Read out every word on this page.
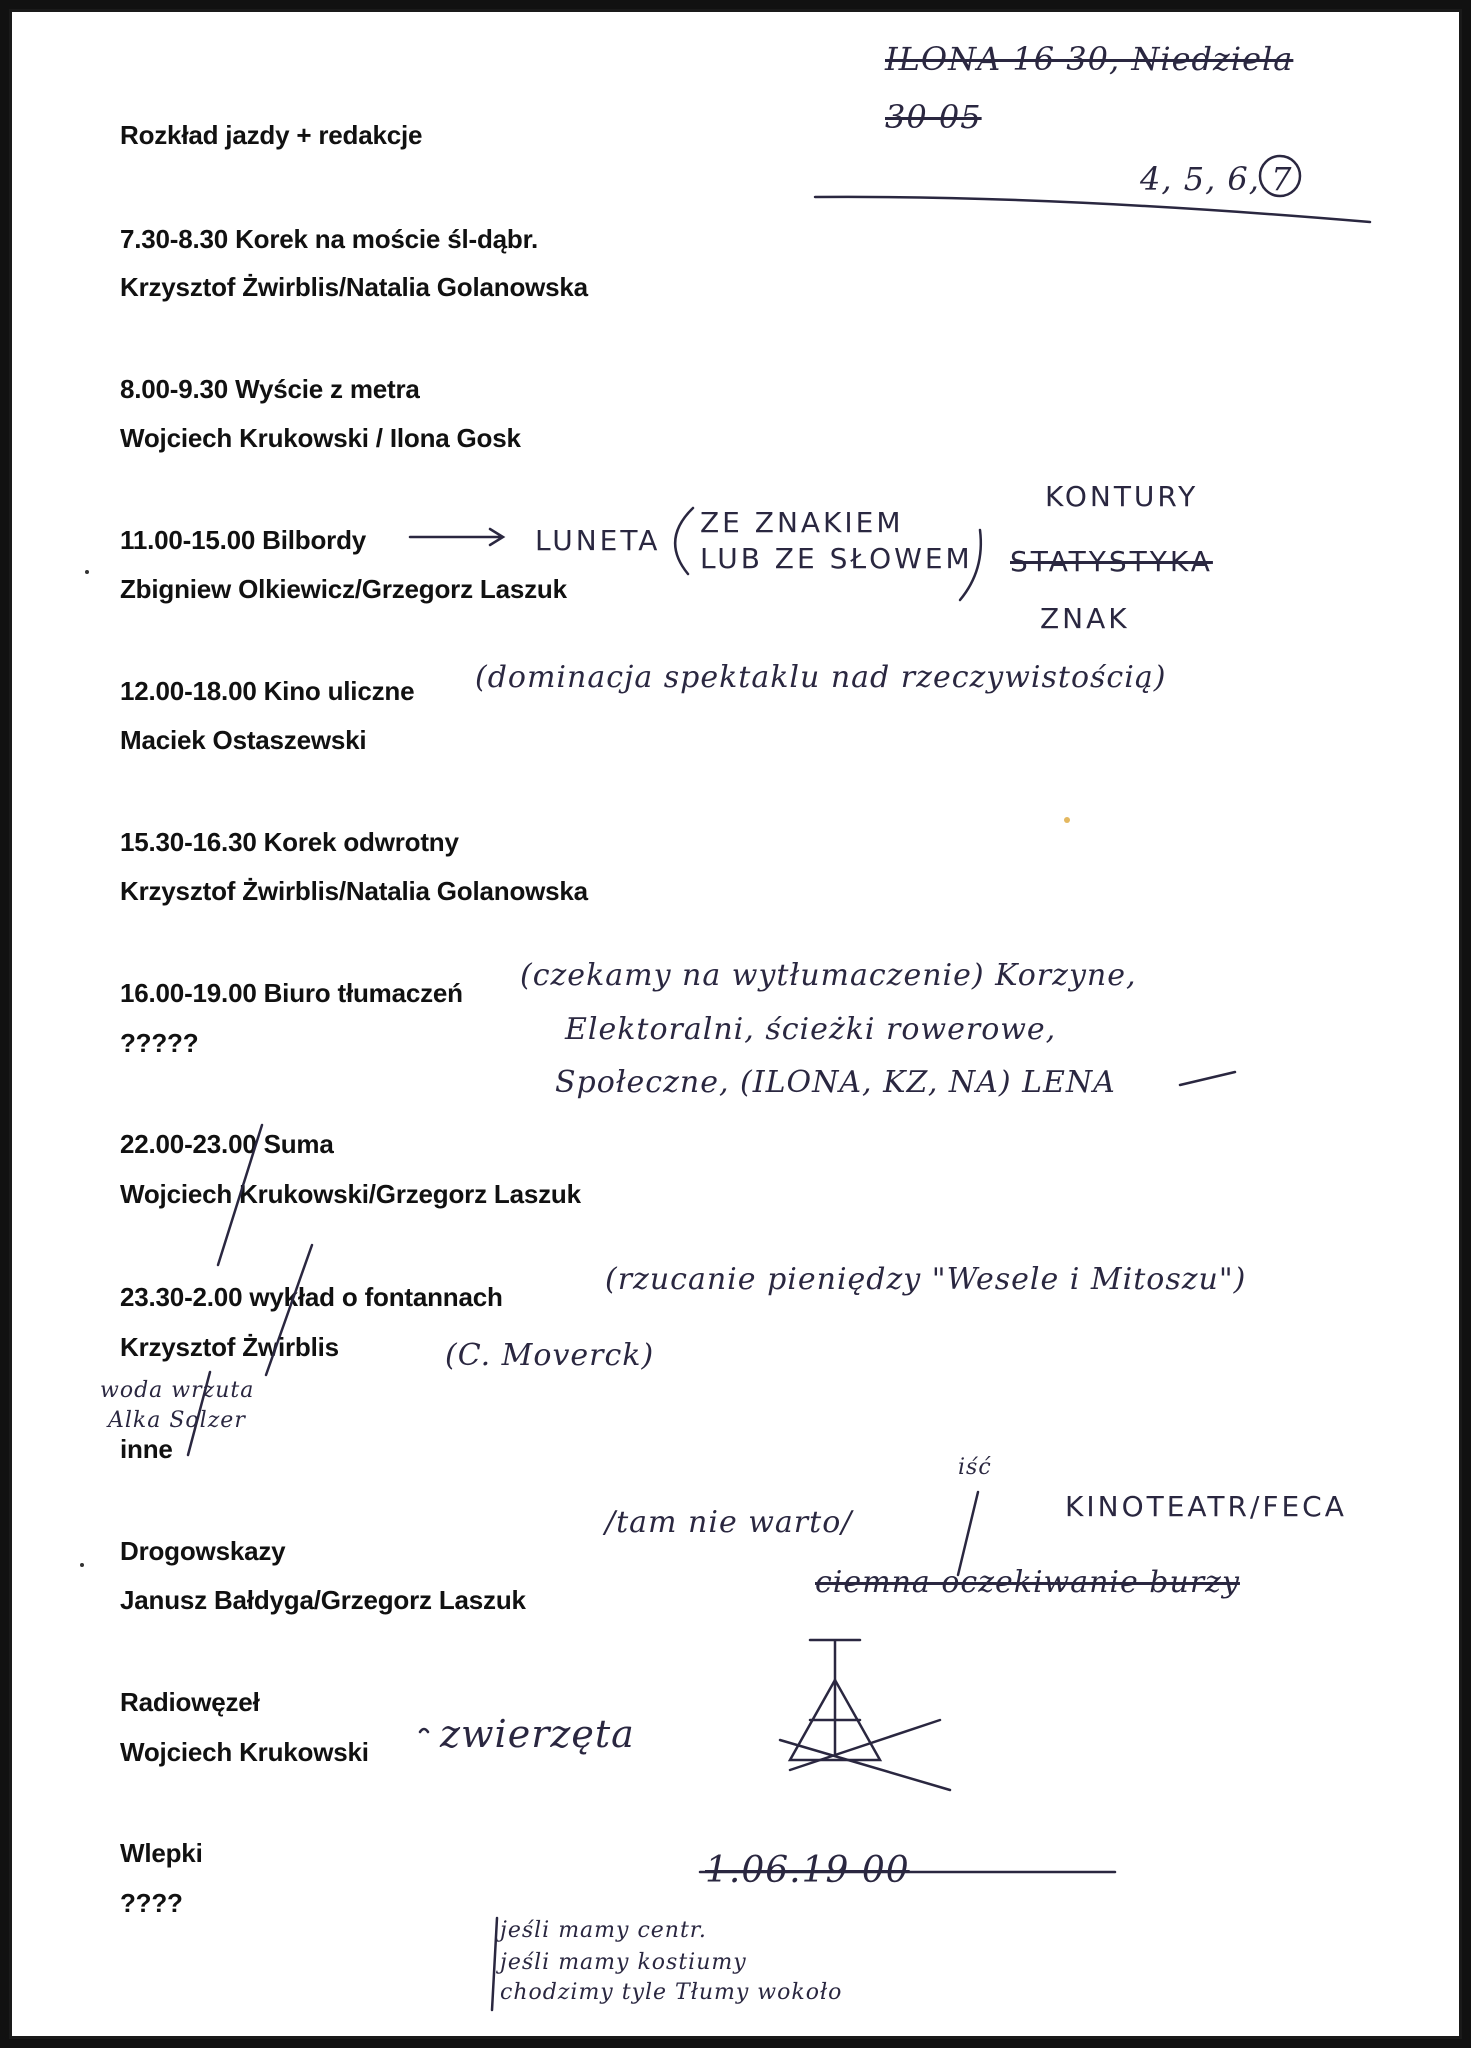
Rozkład jazdy + redakcje
7.30-8.30 Korek na moście śl-dąbr.
Krzysztof Żwirblis/Natalia Golanowska
8.00-9.30 Wyście z metra
Wojciech Krukowski / Ilona Gosk
11.00-15.00 Bilbordy
Zbigniew Olkiewicz/Grzegorz Laszuk
12.00-18.00 Kino uliczne
Maciek Ostaszewski
15.30-16.30 Korek odwrotny
Krzysztof Żwirblis/Natalia Golanowska
16.00-19.00 Biuro tłumaczeń
?????
22.00-23.00 Suma
Wojciech Krukowski/Grzegorz Laszuk
23.30-2.00 wykład o fontannach
Krzysztof Żwirblis
inne
Drogowskazy
Janusz Bałdyga/Grzegorz Laszuk
Radiowęzeł
Wojciech Krukowski
Wlepki
????
ILONA 16 30, Niedziela
30 05
4, 5, 6, 7
LUNETA
ZE ZNAKIEM
LUB ZE SŁOWEM
KONTURY
STATYSTYKA
ZNAK
(dominacja spektaklu nad rzeczywistością)
(czekamy na wytłumaczenie) Korzyne,
Elektoralni, ścieżki rowerowe,
Społeczne, (ILONA, KZ, NA) LENA
(rzucanie pieniędzy "Wesele i Mitoszu")
(C. Moverck)
woda wrzuta
Alka Solzer
iść
/tam nie warto/	KINOTEATR/FECA
ciemna oczekiwanie burzy
zwierzęta
1.06.19 00
jeśli mamy centr.
jeśli mamy kostiumy
chodzimy tyle Tłumy wokoło
